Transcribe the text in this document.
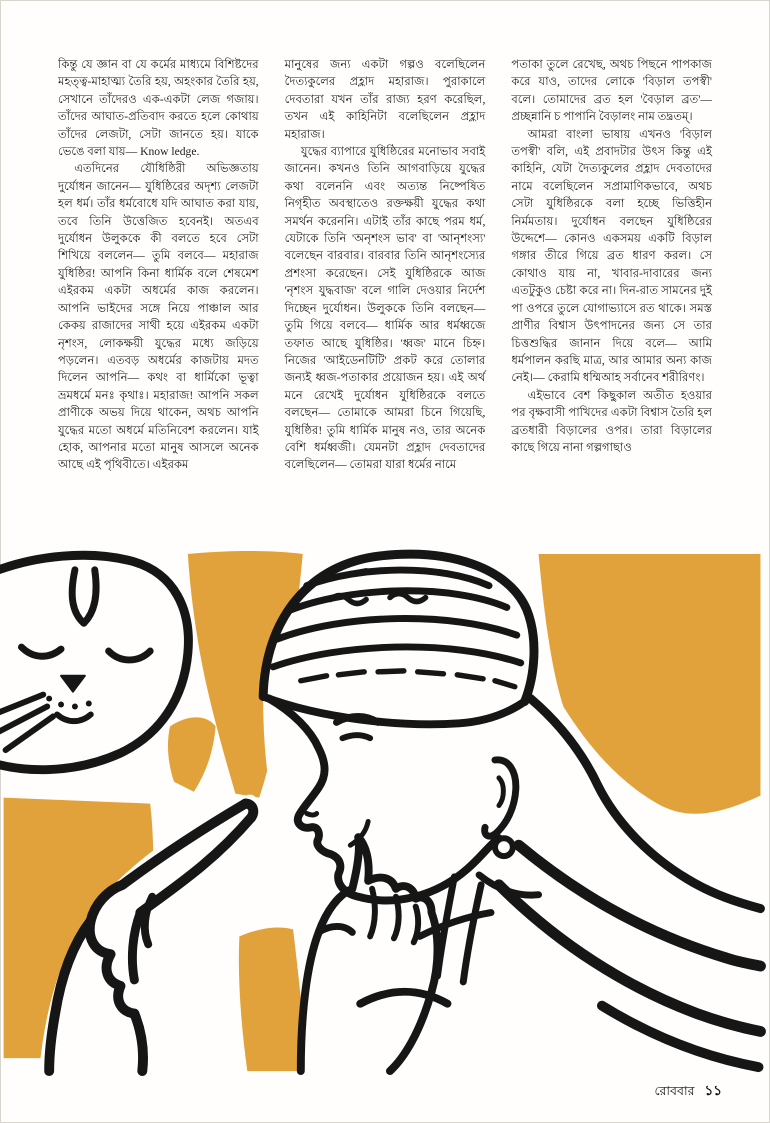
কিন্তু যে জ্ঞান বা যে কর্মের মাধ্যমে বিশিষ্টদের মহত্ত্ব-মাহাত্ম্য তৈরি হয়, অহংকার তৈরি হয়, সেখানে তাঁদেরও এক-একটা লেজ গজায়। তাঁদের আঘাত-প্রতিবাদ করতে হলে কোথায় তাঁদের লেজটা, সেটা জানতে হয়। যাকে ভেঙে বলা যায়— Know ledge.

এতদিনের যৌধিষ্ঠিরী অভিজ্ঞতায় দুর্যোধন জানেন— যুধিষ্ঠিরের অদৃশ্য লেজটা হল ধর্ম। তাঁর ধর্মবোধে যদি আঘাত করা যায়, তবে তিনি উত্তেজিত হবেনই। অতএব দুর্যোধন উলুককে কী বলতে হবে সেটা শিখিয়ে বললেন— তুমি বলবে— মহারাজ যুধিষ্ঠির! আপনি কিনা ধার্মিক বলে শেষমেশ এইরকম একটা অধর্মের কাজ করলেন। আপনি ভাইদের সঙ্গে নিয়ে পাঞ্চাল আর কেকয় রাজাদের সাথী হয়ে এইরকম একটা নৃশংস, লোকক্ষয়ী যুদ্ধের মধ্যে জড়িয়ে পড়লেন। এতবড় অধর্মের কাজটায় মদত দিলেন আপনি— কথং বা ধার্মিকো ভূত্বা ভ্রমধর্মে মনঃ কৃথাঃ। মহারাজ! আপনি সকল প্রাণীকে অভয় দিয়ে থাকেন, অথচ আপনি যুদ্ধের মতো অধর্মে মতিনিবেশ করলেন। যাই হোক, আপনার মতো মানুষ আসলে অনেক আছে এই পৃথিবীতে। এইরকম

মানুষের জন্য একটা গল্পও বলেছিলেন দৈত্যকুলের প্রহ্লাদ মহারাজ। পুরাকালে দেবতারা যখন তাঁর রাজ্য হরণ করেছিল, তখন এই কাহিনিটা বলেছিলেন প্রহ্লাদ মহারাজ।

যুদ্ধের ব্যাপারে যুধিষ্ঠিরের মনোভাব সবাই জানেন। কখনও তিনি আগবাড়িয়ে যুদ্ধের কথা বলেননি এবং অত্যন্ত নিষ্পেষিত নিগৃহীত অবস্থাতেও রক্তক্ষয়ী যুদ্ধের কথা সমর্থন করেননি। এটাই তাঁর কাছে পরম ধর্ম, যেটাকে তিনি 'অনৃশংস ভাব' বা 'আনৃশংস্য' বলেছেন বারবার। বারবার তিনি আনৃশংস্যের প্রশংসা করেছেন। সেই যুধিষ্ঠিরকে আজ 'নৃশংস যুদ্ধবাজ' বলে গালি দেওয়ার নির্দেশ দিচ্ছেন দুর্যোধন। উলুককে তিনি বলছেন— তুমি গিয়ে বলবে— ধার্মিক আর ধর্মধ্বজে তফাত আছে যুধিষ্ঠির। 'ধ্বজ' মানে চিহ্ন। নিজের 'আইডেনটিটি' প্রকট করে তোলার জন্যই ধ্বজ-পতাকার প্রয়োজন হয়। এই অর্থ মনে রেখেই দুর্যোধন যুধিষ্ঠিরকে বলতে বলছেন— তোমাকে আমরা চিনে গিয়েছি, যুধিষ্ঠির! তুমি ধার্মিক মানুষ নও, তার অনেক বেশি ধর্মধ্বজী। যেমনটা প্রহ্লাদ দেবতাদের বলেছিলেন— তোমরা যারা ধর্মের নামে

পতাকা তুলে রেখেছ, অথচ পিছনে পাপকাজ করে যাও, তাদের লোকে 'বিড়াল তপস্বী' বলে। তোমাদের ব্রত হল 'বৈড়াল ব্রত'— প্রচ্ছন্নানি চ পাপানি বৈড়ালং নাম তদ্ব্রতম্।

আমরা বাংলা ভাষায় এখনও 'বিড়াল তপস্বী' বলি, এই প্রবাদটার উৎস কিন্তু এই কাহিনি, যেটা দৈত্যকুলের প্রহ্লাদ দেবতাদের নামে বলেছিলেন সপ্রামাণিকভাবে, অথচ সেটা যুধিষ্ঠিরকে বলা হচ্ছে ভিত্তিহীন নির্মমতায়। দুর্যোধন বলছেন যুধিষ্ঠিরের উদ্দেশে— কোনও একসময় একটি বিড়াল গঙ্গার তীরে গিয়ে ব্রত ধারণ করল। সে কোথাও যায় না, খাবার-দাবারের জন্য এতটুকুও চেষ্টা করে না। দিন-রাত সামনের দুই পা ওপরে তুলে যোগাভ্যাসে রত থাকে। সমস্ত প্রাণীর বিশ্বাস উৎপাদনের জন্য সে তার চিত্তশুদ্ধির জানান দিয়ে বলে— আমি ধর্মপালন করছি মাত্র, আর আমার অন্য কাজ নেই।— কেরামি ধম্মিআহ সর্বানেব শরীরিণং।

এইভাবে বেশ কিছুকাল অতীত হওয়ার পর বৃক্ষবাসী পাখিদের একটা বিশ্বাস তৈরি হল ব্রতধারী বিড়ালের ওপর। তারা বিড়ালের কাছে গিয়ে নানা গল্পগাছাও

রোববার ১১
